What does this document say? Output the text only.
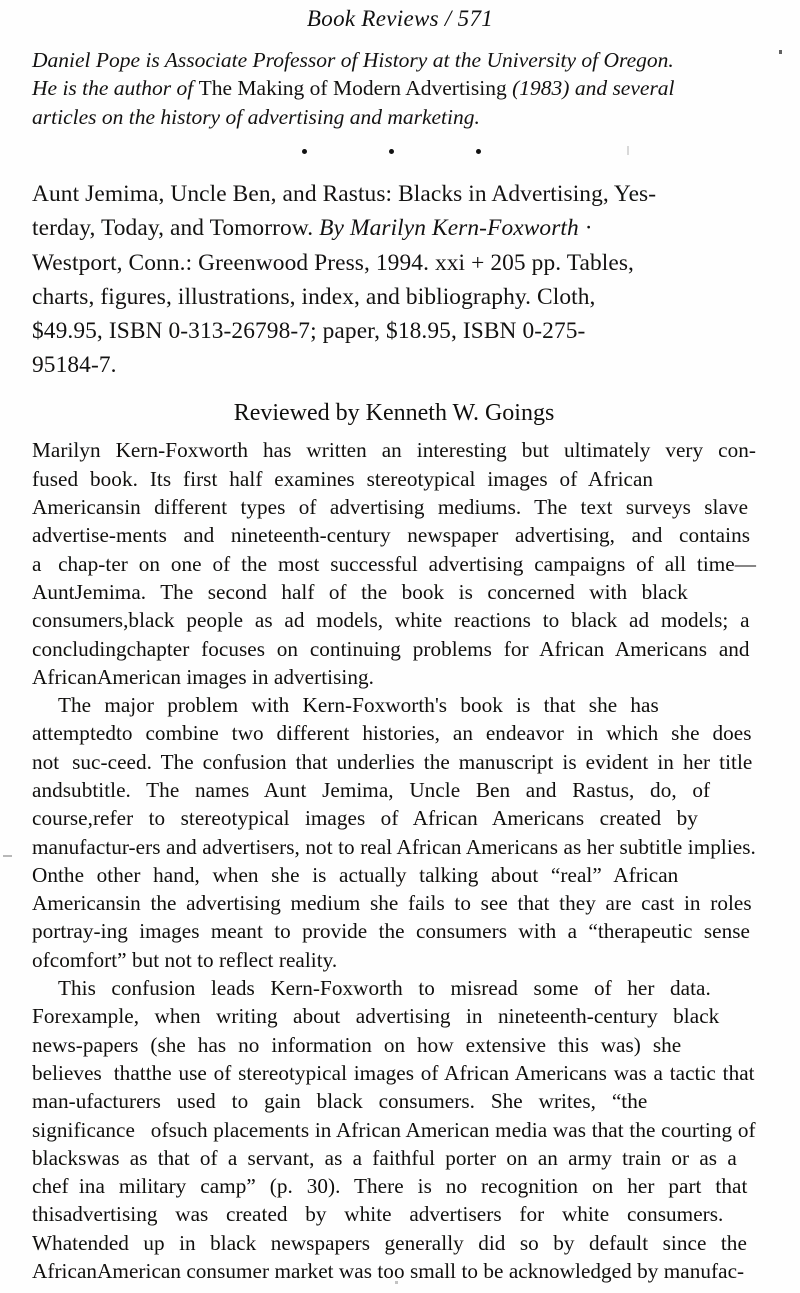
Book Reviews / 571
Daniel Pope is Associate Professor of History at the University of Oregon.
He is the author of The Making of Modern Advertising (1983) and several
articles on the history of advertising and marketing.
Aunt Jemima, Uncle Ben, and Rastus: Blacks in Advertising, Yes-
terday, Today, and Tomorrow. By Marilyn Kern-Foxworth ·
Westport, Conn.: Greenwood Press, 1994. xxi + 205 pp. Tables,
charts, figures, illustrations, index, and bibliography. Cloth,
$49.95, ISBN 0-313-26798-7; paper, $18.95, ISBN 0-275-
95184-7.
Reviewed by Kenneth W. Goings
Marilyn Kern-Foxworth has written an interesting but ultimately very con-fused book. Its first half examines stereotypical images of African Americansin different types of advertising mediums. The text surveys slave advertise-ments and nineteenth-century newspaper advertising, and contains a chap-ter on one of the most successful advertising campaigns of all time—AuntJemima. The second half of the book is concerned with black consumers,black people as ad models, white reactions to black ad models; a concludingchapter focuses on continuing problems for African Americans and AfricanAmerican images in advertising.
The major problem with Kern-Foxworth's book is that she has attemptedto combine two different histories, an endeavor in which she does not suc-ceed. The confusion that underlies the manuscript is evident in her title andsubtitle. The names Aunt Jemima, Uncle Ben and Rastus, do, of course,refer to stereotypical images of African Americans created by manufactur-ers and advertisers, not to real African Americans as her subtitle implies. Onthe other hand, when she is actually talking about “real” African Americansin the advertising medium she fails to see that they are cast in roles portray-ing images meant to provide the consumers with a “therapeutic sense ofcomfort” but not to reflect reality.
This confusion leads Kern-Foxworth to misread some of her data. Forexample, when writing about advertising in nineteenth-century black news-papers (she has no information on how extensive this was) she believes thatthe use of stereotypical images of African Americans was a tactic that man-ufacturers used to gain black consumers. She writes, “the significance ofsuch placements in African American media was that the courting of blackswas as that of a servant, as a faithful porter on an army train or as a chef ina military camp” (p. 30). There is no recognition on her part that thisadvertising was created by white advertisers for white consumers. Whatended up in black newspapers generally did so by default since the AfricanAmerican consumer market was too small to be acknowledged by manufac-
